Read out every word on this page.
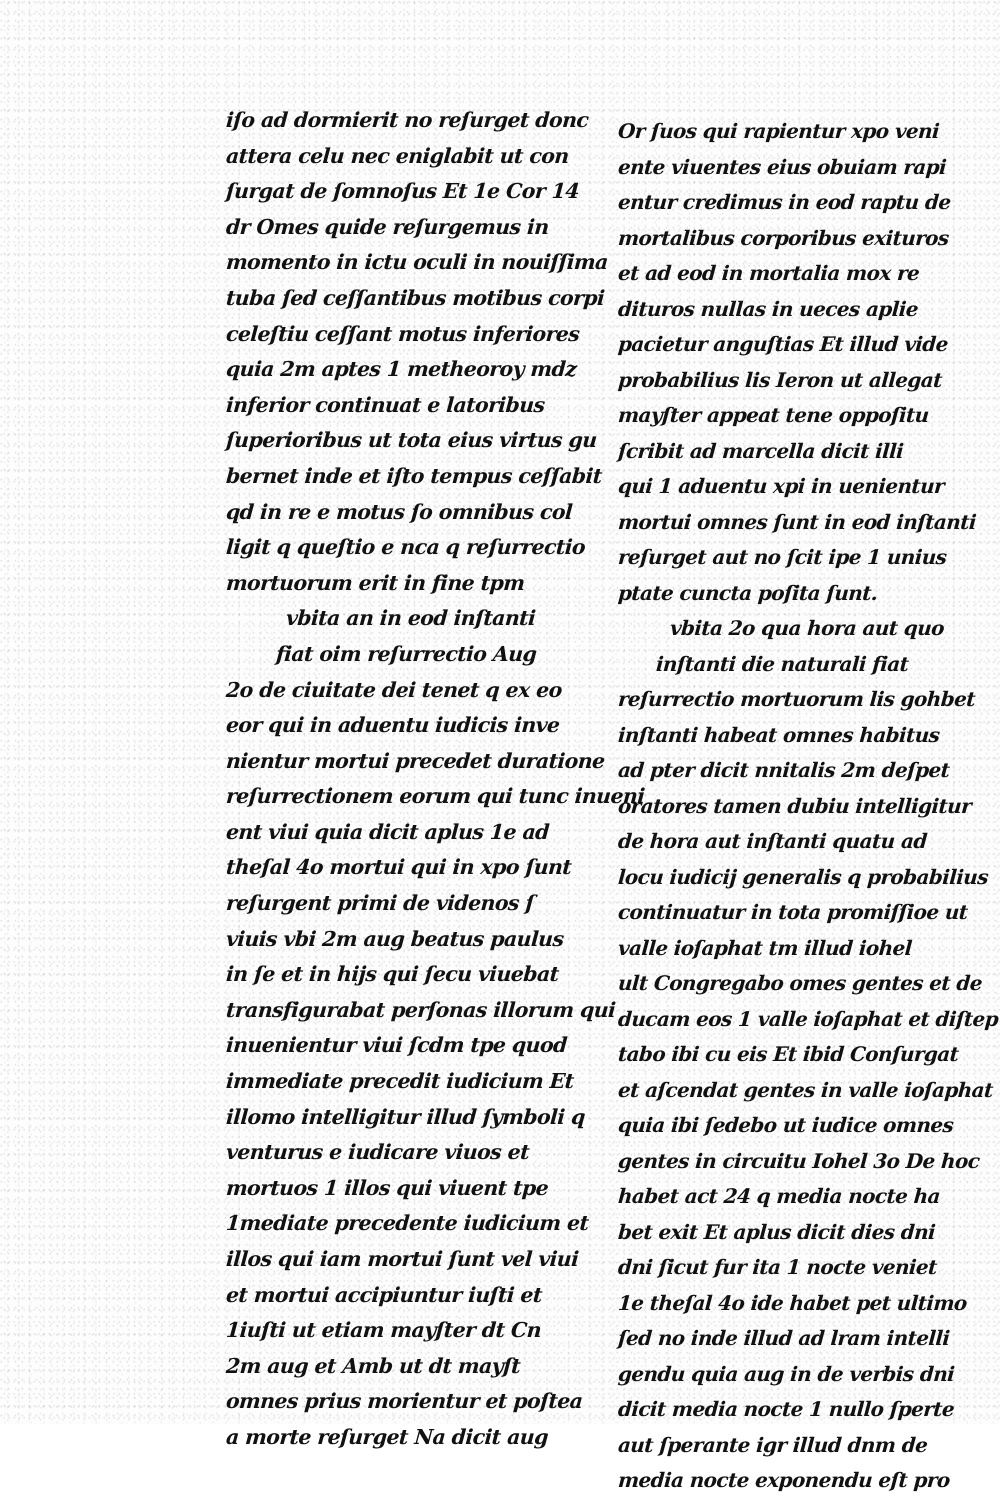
iſo ad dormierit no reſurget donc
attera celu nec eniglabit ut con
ſurgat de ſomnoſus Et 1e Cor 14
dr Omes quide reſurgemus in
momento in ictu oculi in nouiſſima
tuba ſed ceſſantibus motibus corpi
celeſtiu ceſſant motus inferiores
quia 2m aptes 1 metheoroy mdz
inferior continuat e latoribus
ſuperioribus ut tota eius virtus gu
bernet inde et iſto tempus ceſſabit
qd in re e motus ſo omnibus col
ligit q queſtio e nca q reſurrectio
mortuorum erit in fine tpm
vbita an in eod inſtanti
fiat oim reſurrectio Aug
2o de ciuitate dei tenet q ex eo
eor qui in aduentu iudicis inve
nientur mortui precedet duratione
reſurrectionem eorum qui tunc inueni
ent viui quia dicit aplus 1e ad
theſal 4o mortui qui in xpo ſunt
reſurgent primi de videnos ſ
viuis vbi 2m aug beatus paulus
in ſe et in hijs qui ſecu viuebat
transfigurabat perſonas illorum qui
inuenientur viui ſcdm tpe quod
immediate precedit iudicium Et
illomo intelligitur illud ſymboli q
venturus e iudicare viuos et
mortuos 1 illos qui viuent tpe
1mediate precedente iudicium et
illos qui iam mortui ſunt vel viui
et mortui accipiuntur iuſti et
1iuſti ut etiam mayſter dt Cn
2m aug et Amb ut dt mayſt
omnes prius morientur et poſtea
a morte reſurget Na dicit aug
Or ſuos qui rapientur xpo veni
ente viuentes eius obuiam rapi
entur credimus in eod raptu de
mortalibus corporibus exituros
et ad eod in mortalia mox re
dituros nullas in ueces aplie
pacietur anguſtias Et illud vide
probabilius lis Ieron ut allegat
mayſter appeat tene oppoſitu
ſcribit ad marcella dicit illi
qui 1 aduentu xpi in uenientur
mortui omnes ſunt in eod inſtanti
reſurget aut no ſcit ipe 1 unius
ptate cuncta poſita ſunt.
vbita 2o qua hora aut quo
inſtanti die naturali fiat
reſurrectio mortuorum lis gohbet
inſtanti habeat omnes habitus
ad pter dicit nnitalis 2m deſpet
oratores tamen dubiu intelligitur
de hora aut inſtanti quatu ad
locu iudicij generalis q probabilius
continuatur in tota promiſſioe ut
valle ioſaphat tm illud iohel
ult Congregabo omes gentes et de
ducam eos 1 valle ioſaphat et diſtep
tabo ibi cu eis Et ibid Conſurgat
et aſcendat gentes in valle ioſaphat
quia ibi ſedebo ut iudice omnes
gentes in circuitu Iohel 3o De hoc
habet act 24 q media nocte ha
bet exit Et aplus dicit dies dni
dni ſicut fur ita 1 nocte veniet
1e theſal 4o ide habet pet ultimo
ſed no inde illud ad lram intelli
gendu quia aug in de verbis dni
dicit media nocte 1 nullo ſperte
aut ſperante igr illud dnm de
media nocte exponendu eſt pro
